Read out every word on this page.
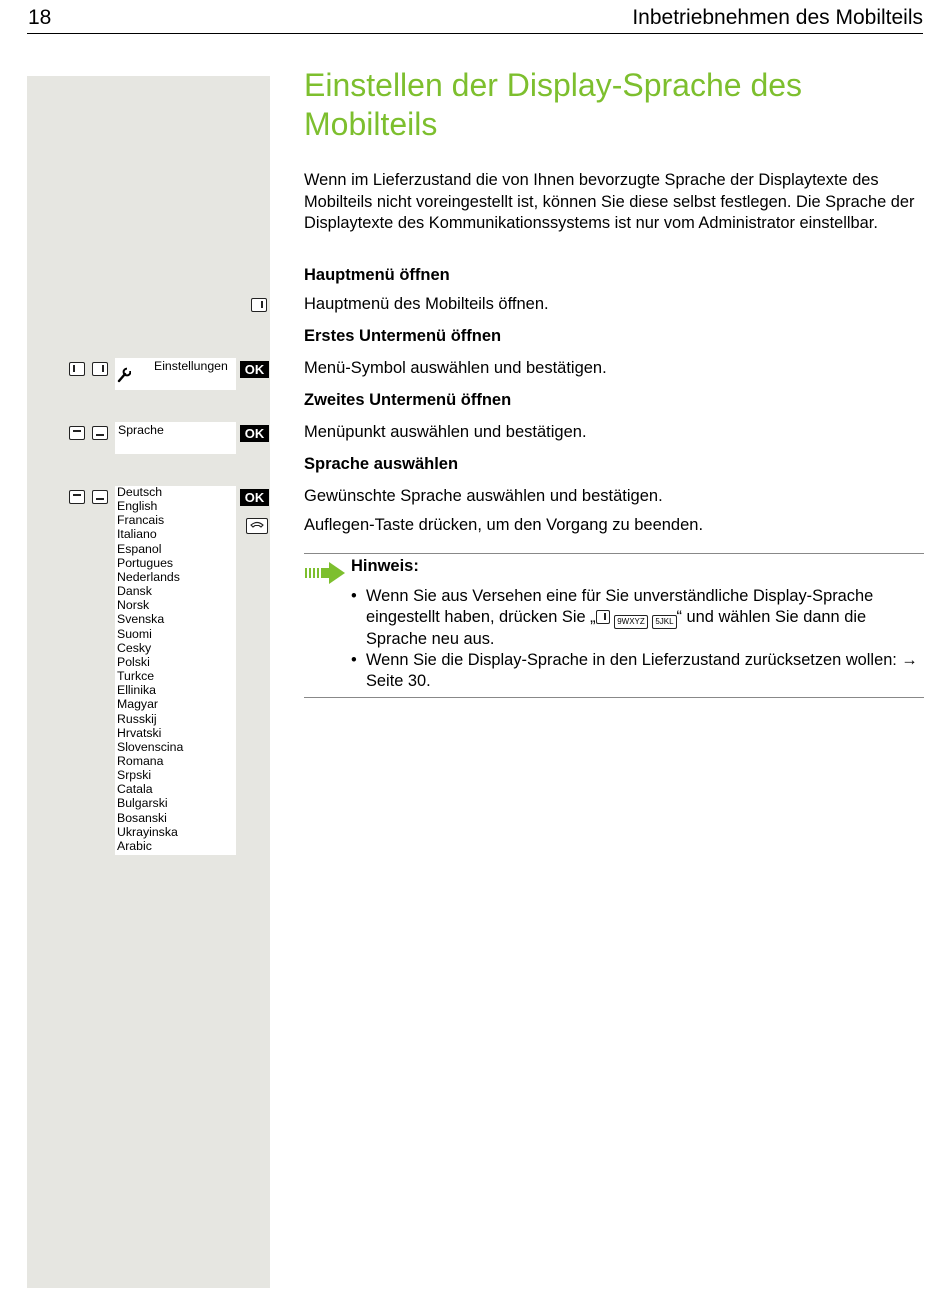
18	Inbetriebnehmen des Mobilteils
Einstellen der Display-Sprache des Mobilteils
Wenn im Lieferzustand die von Ihnen bevorzugte Sprache der Displaytexte des Mobilteils nicht voreingestellt ist, können Sie diese selbst festlegen. Die Sprache der Displaytexte des Kommunikationssystems ist nur vom Administrator einstellbar.
Hauptmenü öffnen
Hauptmenü des Mobilteils öffnen.
Erstes Untermenü öffnen
Einstellungen	OK Menü-Symbol auswählen und bestätigen.
Zweites Untermenü öffnen
Sprache	OK Menüpunkt auswählen und bestätigen.
Sprache auswählen
Deutsch
English
Francais
Italiano
Espanol
Portugues
Nederlands
Dansk
Norsk
Svenska
Suomi
Cesky
Polski
Turkce
Ellinika
Magyar
Russkij
Hrvatski
Slovenscina
Romana
Srpski
Catala
Bulgarski
Bosanski
Ukrayinska
Arabic
OK Gewünschte Sprache auswählen und bestätigen.
Auflegen-Taste drücken, um den Vorgang zu beenden.
Hinweis:
• Wenn Sie aus Versehen eine für Sie unverständliche Display-Sprache eingestellt haben, drücken Sie „	9WXYZ 5JKL “ und wählen Sie dann die Sprache neu aus.
• Wenn Sie die Display-Sprache in den Lieferzustand zurücksetzen wollen: → Seite 30.
